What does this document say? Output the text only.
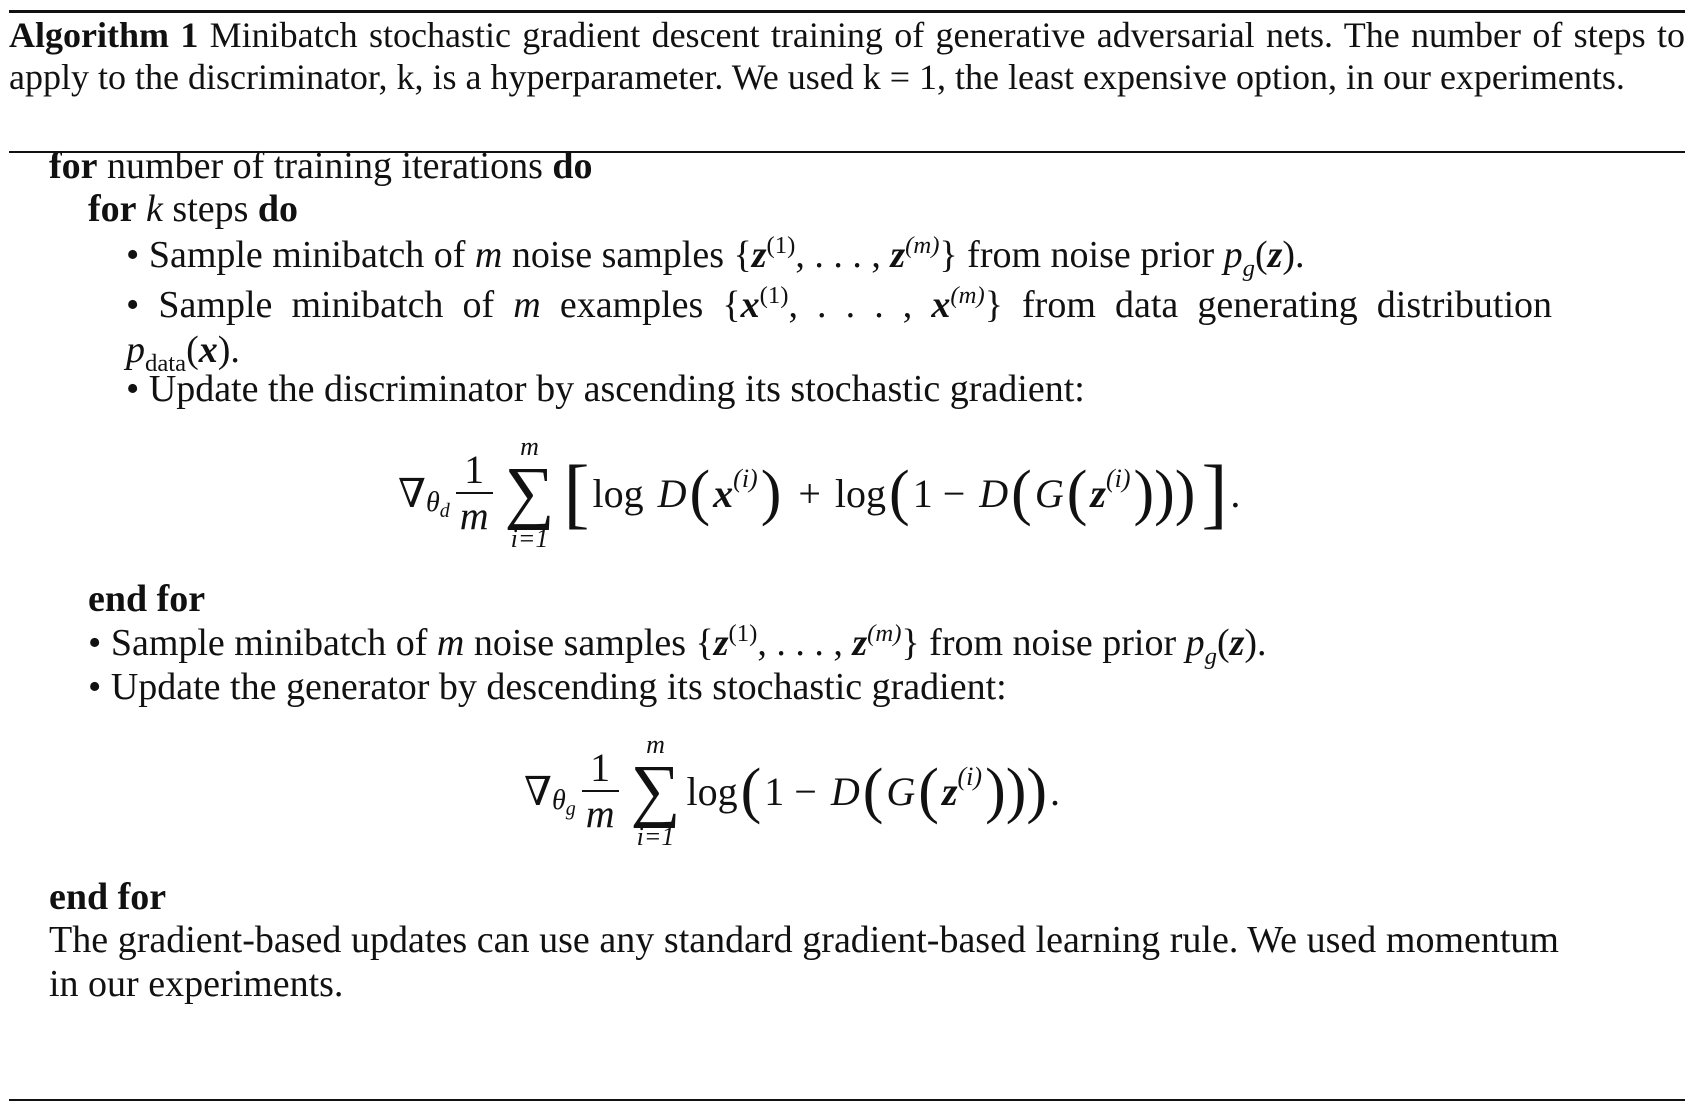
Algorithm 1 Minibatch stochastic gradient descent training of generative adversarial nets. The number of steps to apply to the discriminator, k, is a hyperparameter. We used k = 1, the least expensive option, in our experiments.
for number of training iterations do
for k steps do
• Sample minibatch of m noise samples {$z^{(1)}$, . . . , $z^{(m)}$} from noise prior $p_g(z)$.
• Sample minibatch of m examples {$x^{(1)}$, . . . , $x^{(m)}$} from data generating distribution
$p_{data}(x)$.
• Update the discriminator by ascending its stochastic gradient:
∇ θ d $\frac{1}{m}$
m
∑
i=1
[ log D ( $x^{(i)}$ ) + log ( 1 − D ( G ( $z^{(i)}$ ))) ] .
end for
• Sample minibatch of m noise samples {$z^{(1)}$, . . . , $z^{(m)}$} from noise prior $p_g(z)$.
• Update the generator by descending its stochastic gradient:
∇ θ g $\frac{1}{m}$
m
∑
i=1
log ( 1 − D ( G ( $z^{(i)}$ ))) .
end for
The gradient-based updates can use any standard gradient-based learning rule. We used momentum in our experiments.
